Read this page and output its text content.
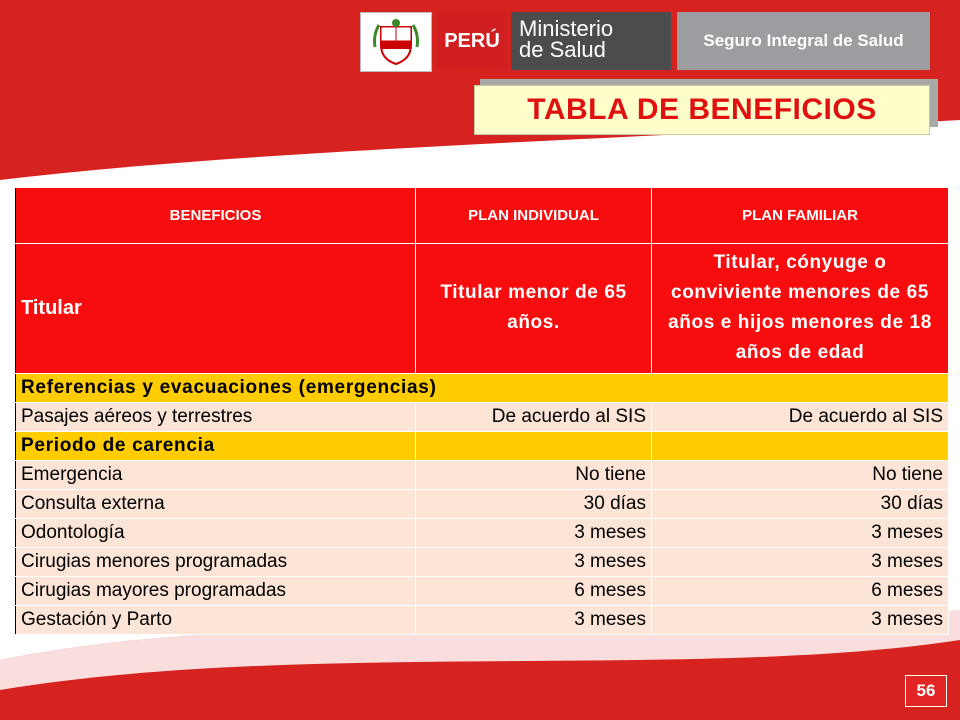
PERÚ Ministerio
de Salud	Seguro Integral de Salud
TABLA DE BENEFICIOS
BENEFICIOS	PLAN INDIVIDUAL	PLAN FAMILIAR
Titular	Titular menor de 65 años.	Titular, cónyuge o conviviente menores de 65 años e hijos menores de 18 años de edad
Referencias y evacuaciones (emergencias)		
Pasajes aéreos y terrestres	De acuerdo al SIS	De acuerdo al SIS
Periodo de carencia		
Emergencia	No tiene	No tiene
Consulta externa	30 días	30 días
Odontología	3 meses	3 meses
Cirugias menores programadas	3 meses	3 meses
Cirugias mayores programadas	6 meses	6 meses
Gestación y Parto	3 meses	3 meses
56
